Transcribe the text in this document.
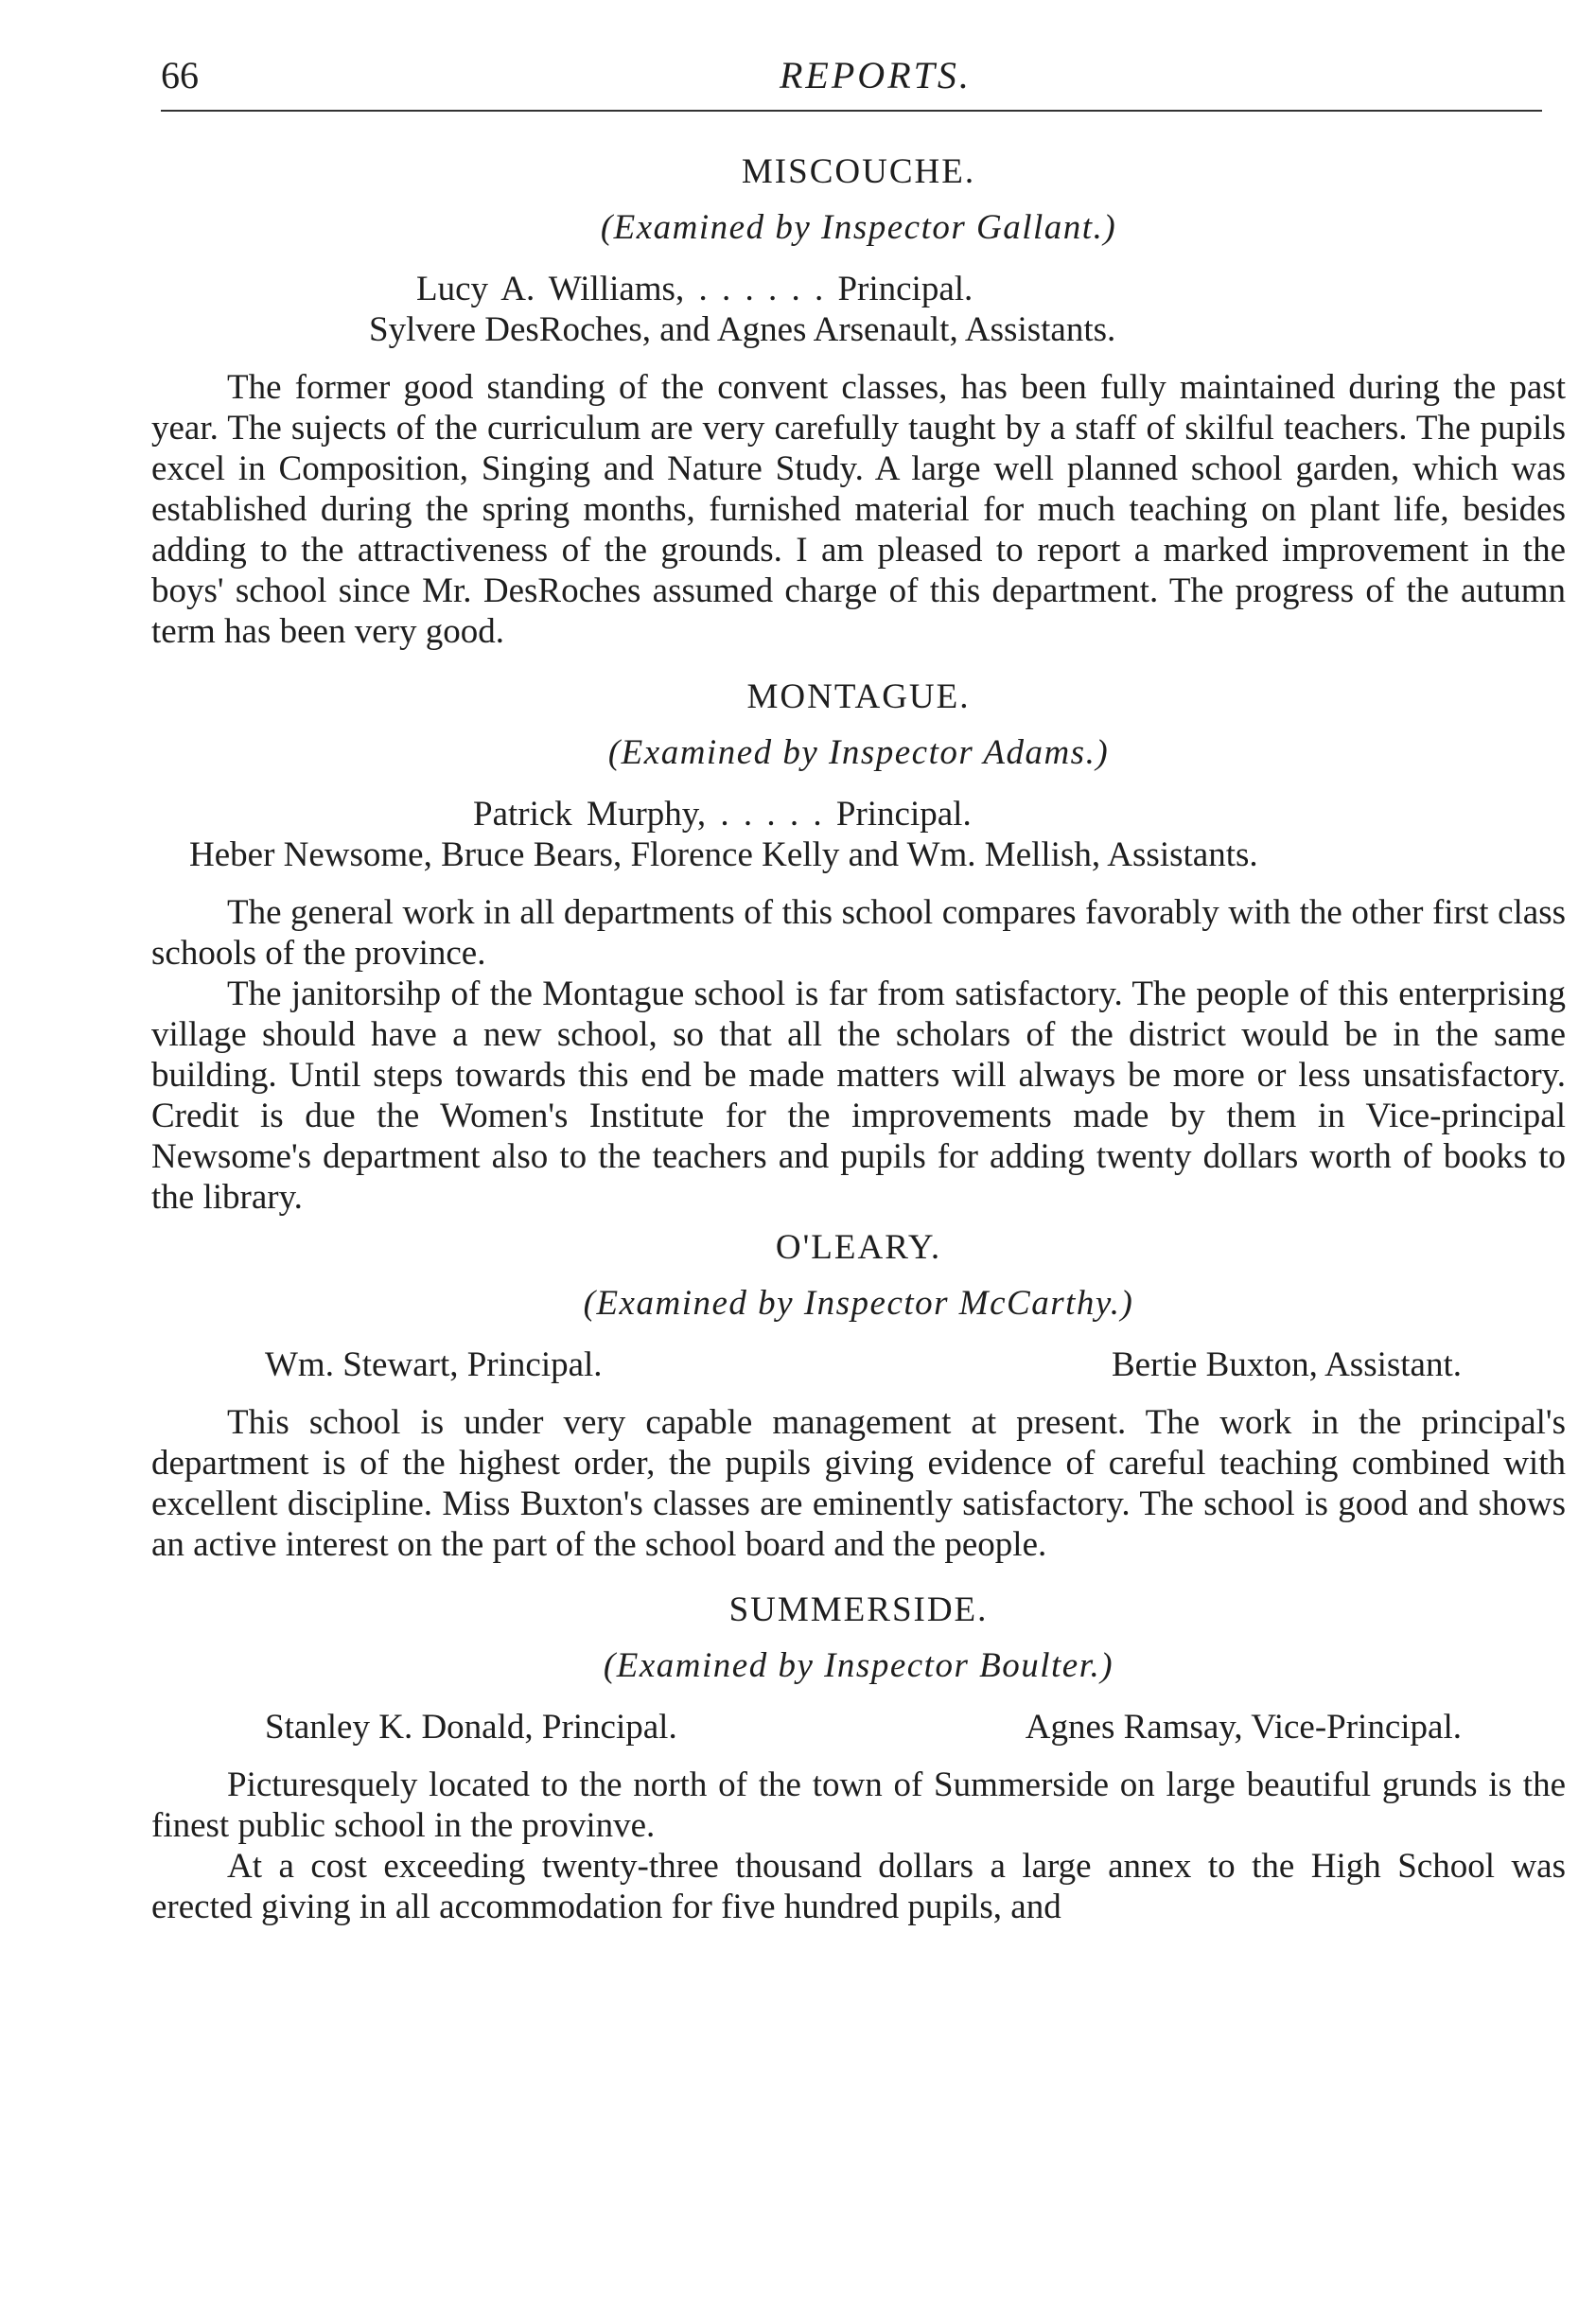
66	REPORTS.
MISCOUCHE.

(Examined by Inspector Gallant.)

Lucy A. Williams, . . . . . . Principal.

Sylvere DesRoches, and Agnes Arsenault, Assistants.

The former good standing of the convent classes, has been fully maintained during the past year. The sujects of the curriculum are very carefully taught by a staff of skilful teachers. The pupils excel in Composition, Singing and Nature Study. A large well planned school garden, which was established during the spring months, furnished material for much teaching on plant life, besides adding to the attractiveness of the grounds. I am pleased to report a marked improvement in the boys' school since Mr. DesRoches assumed charge of this department. The progress of the autumn term has been very good.

MONTAGUE.

(Examined by Inspector Adams.)

Patrick Murphy, . . . . . Principal.

Heber Newsome, Bruce Bears, Florence Kelly and Wm. Mellish, Assistants.

The general work in all departments of this school compares favorably with the other first class schools of the province.

The janitorsihp of the Montague school is far from satisfactory. The people of this enterprising village should have a new school, so that all the scholars of the district would be in the same building. Until steps towards this end be made matters will always be more or less unsatisfactory. Credit is due the Women's Institute for the improvements made by them in Vice-principal Newsome's department also to the teachers and pupils for adding twenty dollars worth of books to the library.

O'LEARY.

(Examined by Inspector McCarthy.)

Wm. Stewart, Principal.	Bertie Buxton, Assistant.

This school is under very capable management at present. The work in the principal's department is of the highest order, the pupils giving evidence of careful teaching combined with excellent discipline. Miss Buxton's classes are eminently satisfactory. The school is good and shows an active interest on the part of the school board and the people.

SUMMERSIDE.

(Examined by Inspector Boulter.)

Stanley K. Donald, Principal.	Agnes Ramsay, Vice-Principal.

Picturesquely located to the north of the town of Summerside on large beautiful grunds is the finest public school in the provinve.

At a cost exceeding twenty-three thousand dollars a large annex to the High School was erected giving in all accommodation for five hundred pupils, and
